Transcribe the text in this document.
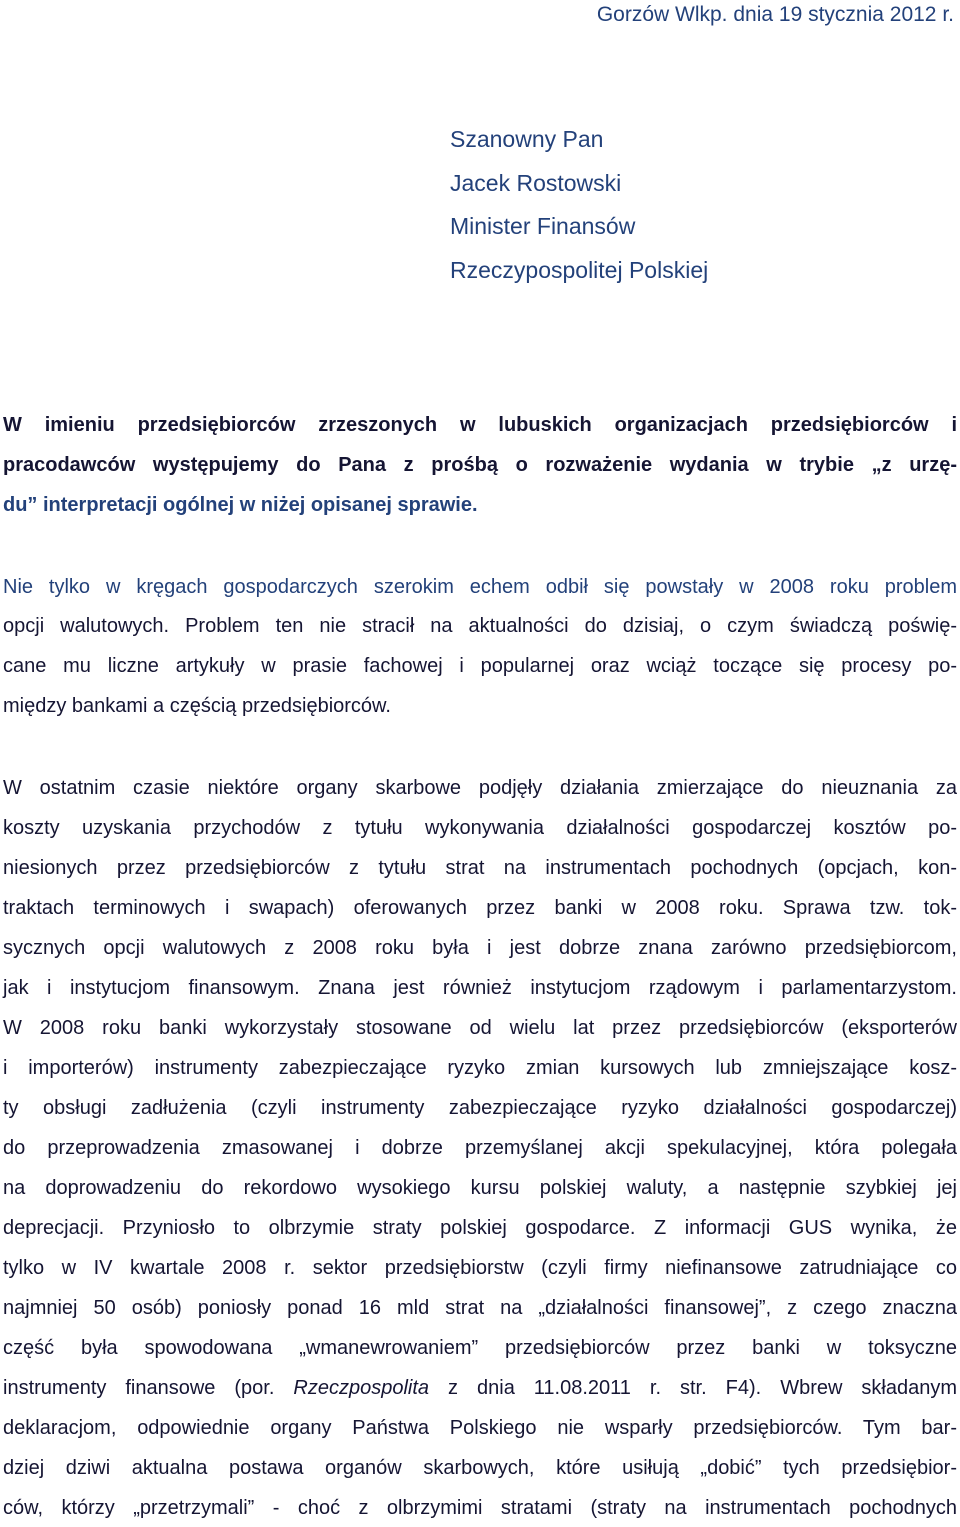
Gorzów Wlkp. dnia 19 stycznia 2012 r.
Szanowny Pan
Jacek Rostowski
Minister Finansów
Rzeczypospolitej Polskiej
W imieniu przedsiębiorców zrzeszonych w lubuskich organizacjach przedsiębiorców i
pracodawców występujemy do Pana z prośbą o rozważenie wydania w trybie „z urzę-
du” interpretacji ogólnej w niżej opisanej sprawie.
Nie tylko w kręgach gospodarczych szerokim echem odbił się powstały w 2008 roku problem
opcji walutowych. Problem ten nie stracił na aktualności do dzisiaj, o czym świadczą poświę-
cane mu liczne artykuły w prasie fachowej i popularnej oraz wciąż toczące się procesy po-
między bankami a częścią przedsiębiorców.
W ostatnim czasie niektóre organy skarbowe podjęły działania zmierzające do nieuznania za
koszty uzyskania przychodów z tytułu wykonywania działalności gospodarczej kosztów po-
niesionych przez przedsiębiorców z tytułu strat na instrumentach pochodnych (opcjach, kon-
traktach terminowych i swapach) oferowanych przez banki w 2008 roku. Sprawa tzw. tok-
sycznych opcji walutowych z 2008 roku była i jest dobrze znana zarówno przedsiębiorcom,
jak i instytucjom finansowym. Znana jest również instytucjom rządowym i parlamentarzystom.
W 2008 roku banki wykorzystały stosowane od wielu lat przez przedsiębiorców (eksporterów
i importerów) instrumenty zabezpieczające ryzyko zmian kursowych lub zmniejszające kosz-
ty obsługi zadłużenia (czyli instrumenty zabezpieczające ryzyko działalności gospodarczej)
do przeprowadzenia zmasowanej i dobrze przemyślanej akcji spekulacyjnej, która polegała
na doprowadzeniu do rekordowo wysokiego kursu polskiej waluty, a następnie szybkiej jej
deprecjacji. Przyniosło to olbrzymie straty polskiej gospodarce. Z informacji GUS wynika, że
tylko w IV kwartale 2008 r. sektor przedsiębiorstw (czyli firmy niefinansowe zatrudniające co
najmniej 50 osób) poniosły ponad 16 mld strat na „działalności finansowej”, z czego znaczna
część była spowodowana „wmanewrowaniem” przedsiębiorców przez banki w toksyczne
instrumenty finansowe (por. Rzeczpospolita z dnia 11.08.2011 r. str. F4). Wbrew składanym
deklaracjom, odpowiednie organy Państwa Polskiego nie wsparły przedsiębiorców. Tym bar-
dziej dziwi aktualna postawa organów skarbowych, które usiłują „dobić” tych przedsiębior-
ców, którzy „przetrzymali” - choć z olbrzymimi stratami (straty na instrumentach pochodnych
